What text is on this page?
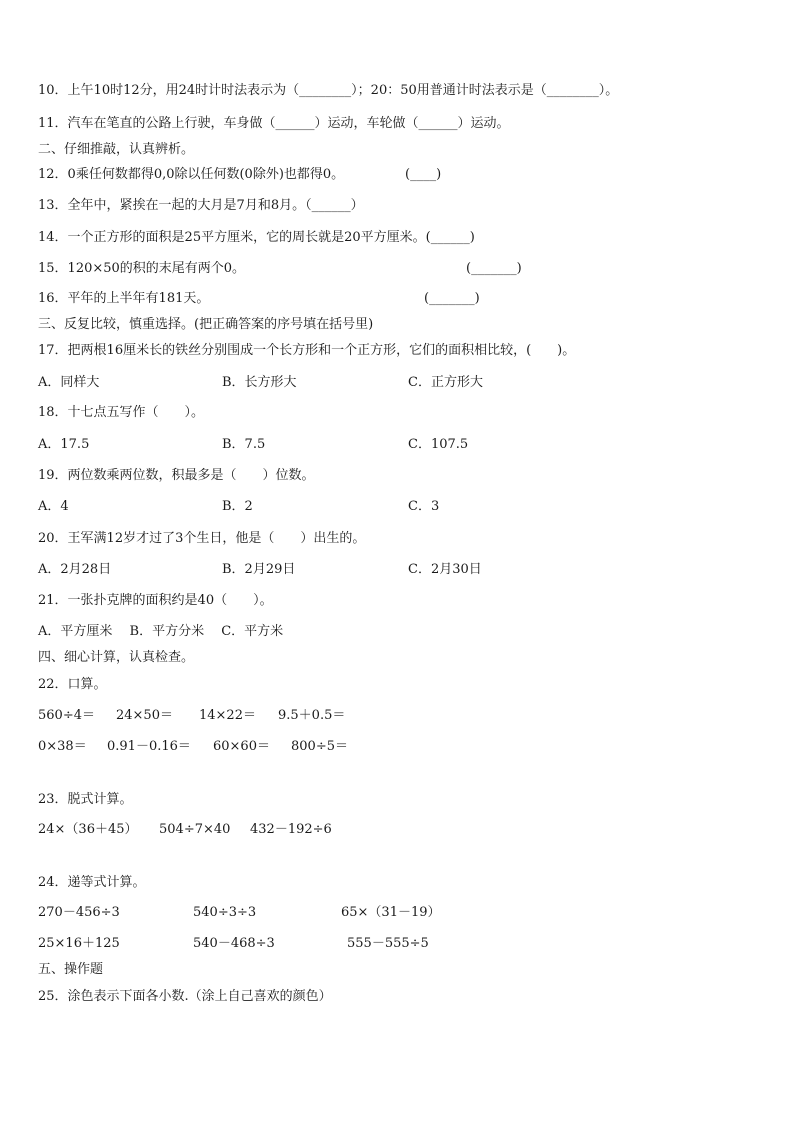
10．上午10时12分，用24时计时法表示为（________）；20：50用普通计时法表示是（________）。
11．汽车在笔直的公路上行驶，车身做（______）运动，车轮做（______）运动。
二、仔细推敲，认真辨析。
12．0乘任何数都得0,0除以任何数(0除外)也都得0。	(____)
13．全年中，紧挨在一起的大月是7月和8月。（______）
14．一个正方形的面积是25平方厘米，它的周长就是20平方厘米。(______)
15．120×50的积的末尾有两个0。	(_______)
16．平年的上半年有181天。	(_______)
三、反复比较，慎重选择。(把正确答案的序号填在括号里)
17．把两根16厘米长的铁丝分别围成一个长方形和一个正方形，它们的面积相比较，(　　)。
A．同样大	B．长方形大	C．正方形大
18．十七点五写作（　　）。
A．17.5	B．7.5	C．107.5
19．两位数乘两位数，积最多是（　　）位数。
A．4	B．2	C．3
20．王军满12岁才过了3个生日，他是（　　）出生的。
A．2月28日	B．2月29日	C．2月30日
21．一张扑克牌的面积约是40（　　）。
A．平方厘米　 B．平方分米　 C．平方米
四、细心计算，认真检查。
22．口算。
560÷4＝ 24×50＝ 14×22＝ 9.5＋0.5＝
0×38＝ 0.91－0.16＝ 60×60＝ 800÷5＝
23．脱式计算。
24×（36＋45） 504÷7×40 432－192÷6
24．递等式计算。
270－456÷3	540÷3÷3	65×（31－19）
25×16＋125	540－468÷3	555－555÷5
五、操作题
25．涂色表示下面各小数.（涂上自己喜欢的颜色）
